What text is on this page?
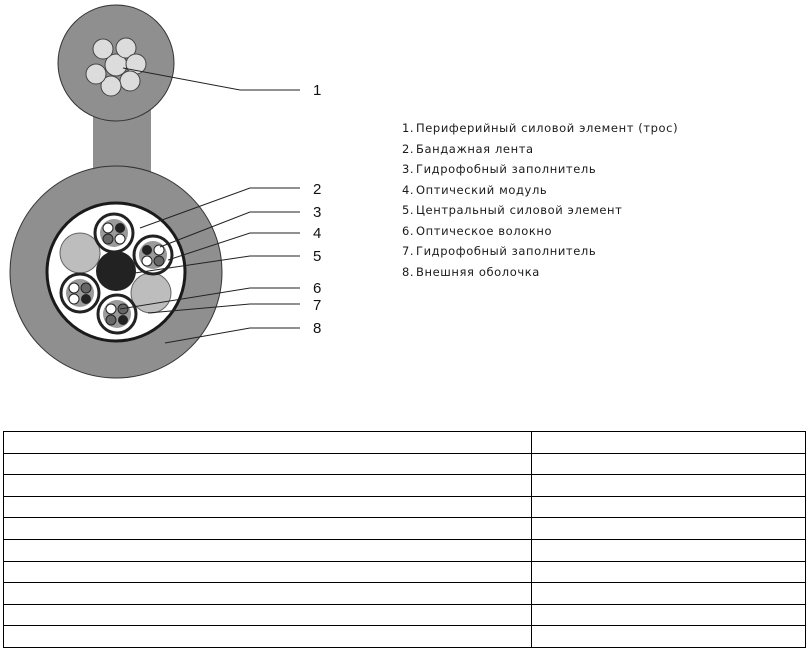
1
2
3
4
5
6
7
8
1. Периферийный силовой элемент (трос)
2. Бандажная лента
3. Гидрофобный заполнитель
4. Оптический модуль
5. Центральный силовой элемент
6. Оптическое волокно
7. Гидрофобный заполнитель
8. Внешняя оболочка
